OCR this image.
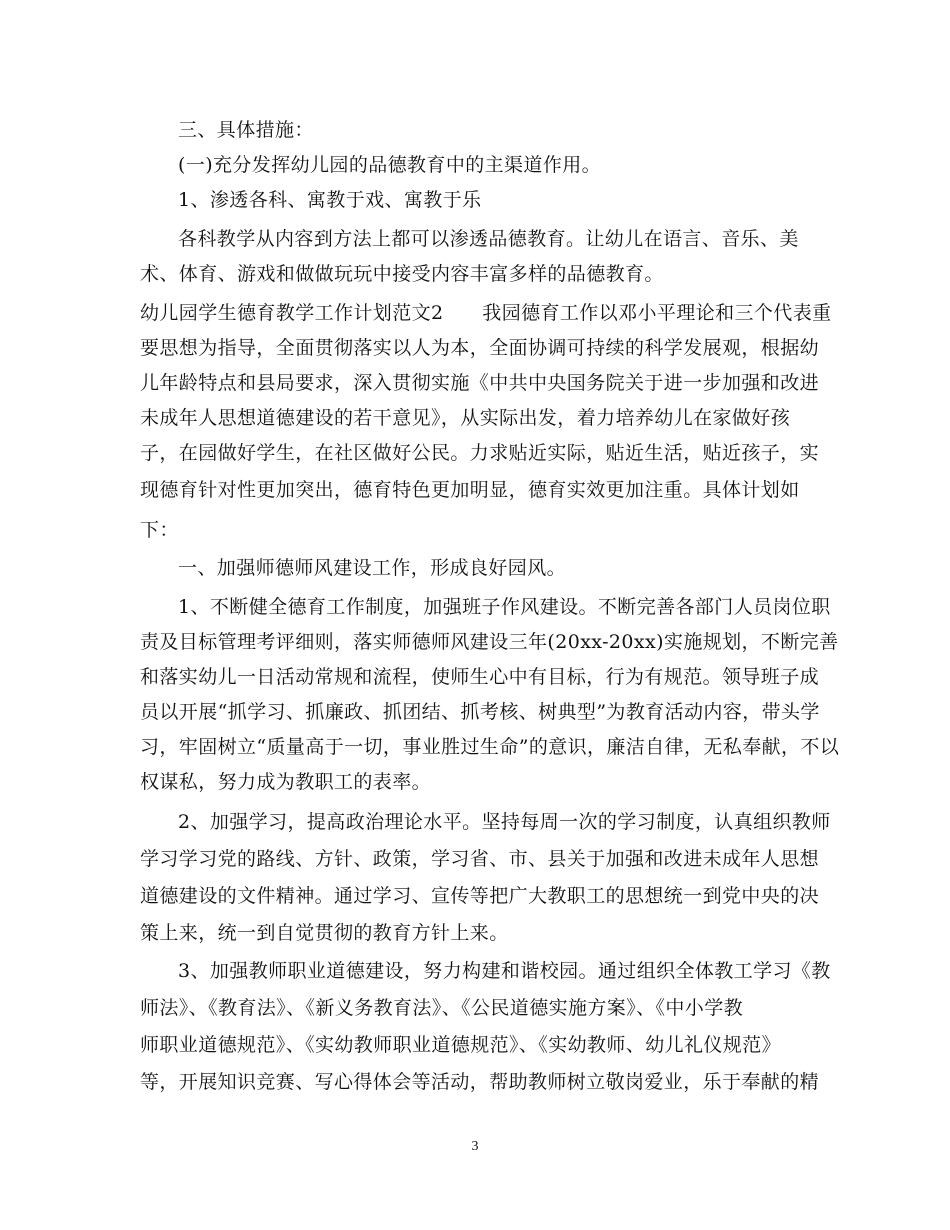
三、具体措施：
(一)充分发挥幼儿园的品德教育中的主渠道作用。
1、渗透各科、寓教于戏、寓教于乐
各科教学从内容到方法上都可以渗透品德教育。让幼儿在语言、音乐、美
术、体育、游戏和做做玩玩中接受内容丰富多样的品德教育。
幼儿园学生德育教学工作计划范文2　　我园德育工作以邓小平理论和三个代表重
要思想为指导，全面贯彻落实以人为本，全面协调可持续的科学发展观，根据幼
儿年龄特点和县局要求，深入贯彻实施《中共中央国务院关于进一步加强和改进
未成年人思想道德建设的若干意见》，从实际出发，着力培养幼儿在家做好孩
子，在园做好学生，在社区做好公民。力求贴近实际，贴近生活，贴近孩子，实
现德育针对性更加突出，德育特色更加明显，德育实效更加注重。具体计划如
下：
一、加强师德师风建设工作，形成良好园风。
1、不断健全德育工作制度，加强班子作风建设。不断完善各部门人员岗位职
责及目标管理考评细则，落实师德师风建设三年(20xx-20xx)实施规划，不断完善
和落实幼儿一日活动常规和流程，使师生心中有目标，行为有规范。领导班子成
员以开展“抓学习、抓廉政、抓团结、抓考核、树典型”为教育活动内容，带头学
习，牢固树立“质量高于一切，事业胜过生命”的意识，廉洁自律，无私奉献，不以
权谋私，努力成为教职工的表率。
2、加强学习，提高政治理论水平。坚持每周一次的学习制度，认真组织教师
学习学习党的路线、方针、政策，学习省、市、县关于加强和改进未成年人思想
道德建设的文件精神。通过学习、宣传等把广大教职工的思想统一到党中央的决
策上来，统一到自觉贯彻的教育方针上来。
3、加强教师职业道德建设，努力构建和谐校园。通过组织全体教工学习《教
师法》、《教育法》、《新义务教育法》、《公民道德实施方案》、《中小学教
师职业道德规范》、《实幼教师职业道德规范》、《实幼教师、幼儿礼仪规范》
等，开展知识竞赛、写心得体会等活动，帮助教师树立敬岗爱业，乐于奉献的精
3
